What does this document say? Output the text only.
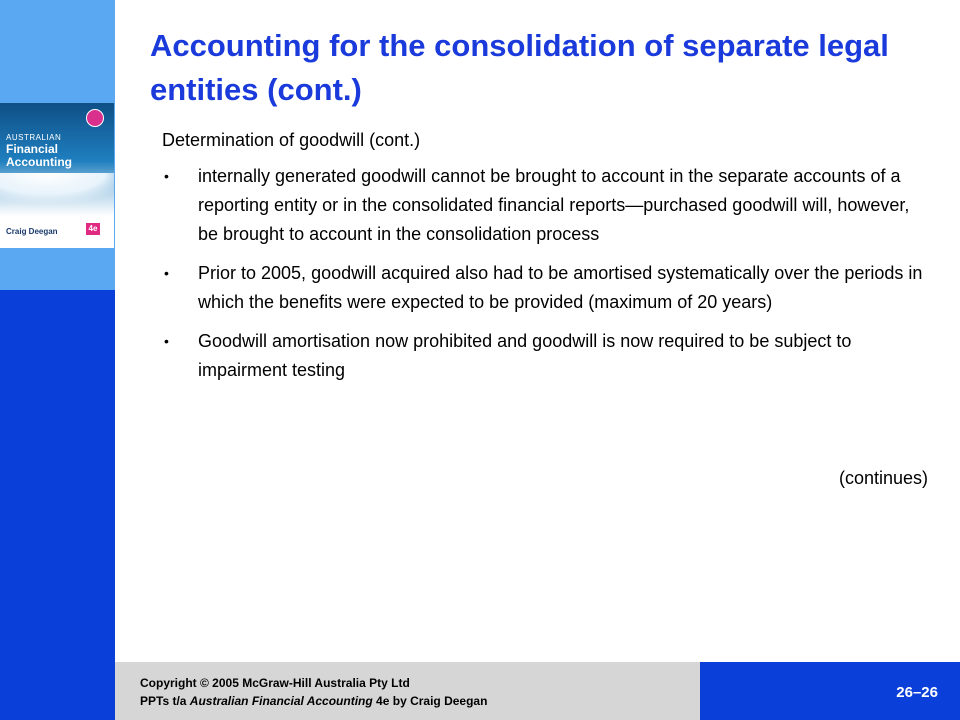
AUSTRALIAN
Financial
Accounting
Craig Deegan	4e
Accounting for the consolidation of separate legal entities (cont.)

Determination of goodwill (cont.)

• internally generated goodwill cannot be brought to account in the separate accounts of a reporting entity or in the consolidated financial reports—purchased goodwill will, however, be brought to account in the consolidation process
• Prior to 2005, goodwill acquired also had to be amortised systematically over the periods in which the benefits were expected to be provided (maximum of 20 years)
• Goodwill amortisation now prohibited and goodwill is now required to be subject to impairment testing
(continues)
Copyright © 2005 McGraw-Hill Australia Pty Ltd
PPTs t/a Australian Financial Accounting 4e by Craig Deegan	26–26
